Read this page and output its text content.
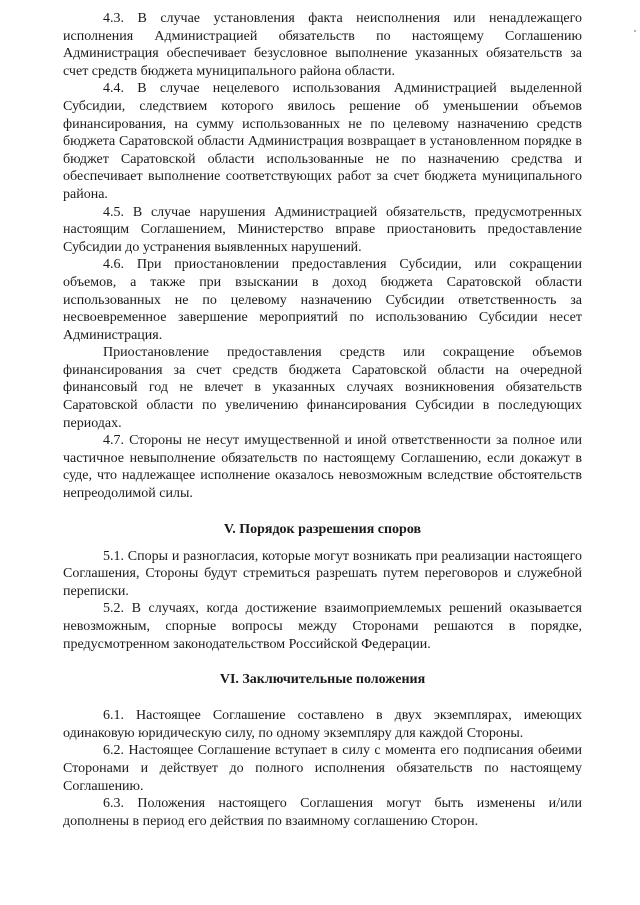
4.3. В случае установления факта неисполнения или ненадлежащего исполнения Администрацией обязательств по настоящему Соглашению Администрация обеспечивает безусловное выполнение указанных обязательств за счет средств бюджета муниципального района области.

4.4. В случае нецелевого использования Администрацией выделенной Субсидии, следствием которого явилось решение об уменьшении объемов финансирования, на сумму использованных не по целевому назначению средств бюджета Саратовской области Администрация возвращает в установленном порядке в бюджет Саратовской области использованные не по назначению средства и обеспечивает выполнение соответствующих работ за счет бюджета муниципального района.

4.5. В случае нарушения Администрацией обязательств, предусмотренных настоящим Соглашением, Министерство вправе приостановить предоставление Субсидии до устранения выявленных нарушений.

4.6. При приостановлении предоставления Субсидии, или сокращении объемов, а также при взыскании в доход бюджета Саратовской области использованных не по целевому назначению Субсидии ответственность за несвоевременное завершение мероприятий по использованию Субсидии несет Администрация.

Приостановление предоставления средств или сокращение объемов финансирования за счет средств бюджета Саратовской области на очередной финансовый год не влечет в указанных случаях возникновения обязательств Саратовской области по увеличению финансирования Субсидии в последующих периодах.

4.7. Стороны не несут имущественной и иной ответственности за полное или частичное невыполнение обязательств по настоящему Соглашению, если докажут в суде, что надлежащее исполнение оказалось невозможным вследствие обстоятельств непреодолимой силы.

V. Порядок разрешения споров

5.1. Споры и разногласия, которые могут возникать при реализации настоящего Соглашения, Стороны будут стремиться разрешать путем переговоров и служебной переписки.

5.2. В случаях, когда достижение взаимоприемлемых решений оказывается невозможным, спорные вопросы между Сторонами решаются в порядке, предусмотренном законодательством Российской Федерации.

VI. Заключительные положения

6.1. Настоящее Соглашение составлено в двух экземплярах, имеющих одинаковую юридическую силу, по одному экземпляру для каждой Стороны.

6.2. Настоящее Соглашение вступает в силу с момента его подписания обеими Сторонами и действует до полного исполнения обязательств по настоящему Соглашению.

6.3. Положения настоящего Соглашения могут быть изменены и/или дополнены в период его действия по взаимному соглашению Сторон.
